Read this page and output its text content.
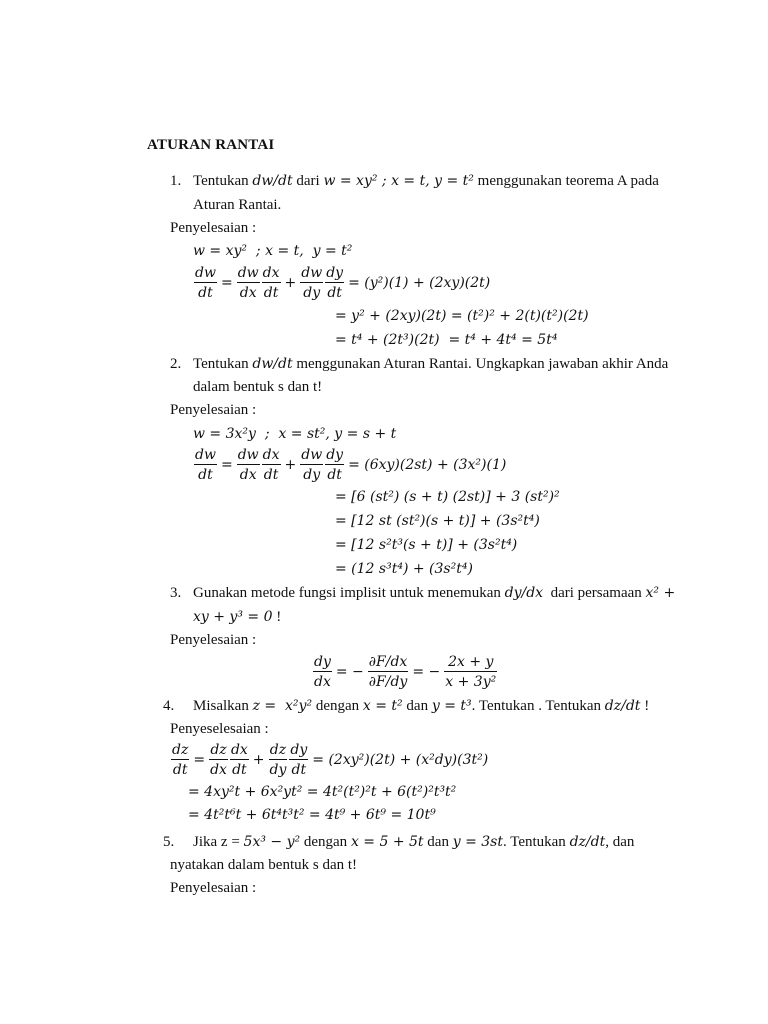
ATURAN RANTAI
1. Tentukan dw/dt dari w = xy² ; x = t, y = t² menggunakan teorema A pada
Aturan Rantai.
Penyelesaian :
w = xy²  ; x = t,  y = t²
$\frac{dw}{dt} = \frac{dw}{dx} \frac{dx}{dt} + \frac{dw}{dy} \frac{dy}{dt} = (y^2)(1) + (2xy)(2t)$
= y² + (2xy)(2t) = (t²)² + 2(t)(t²)(2t)
= t⁴ + (2t³)(2t)  = t⁴ + 4t⁴ = 5t⁴
2. Tentukan dw/dt menggunakan Aturan Rantai. Ungkapkan jawaban akhir Anda
dalam bentuk s dan t!
Penyelesaian :
w = 3x²y  ;  x = st², y = s + t
$\frac{dw}{dt} = \frac{dw}{dx} \frac{dx}{dt} + \frac{dw}{dy} \frac{dy}{dt} = (6xy)(2st) + (3x^2)(1)$
= [6 (st²) (s + t) (2st)] + 3 (st²)²
= [12 st (st²)(s + t)] + (3s²t⁴)
= [12 s²t³(s + t)] + (3s²t⁴)
= (12 s³t⁴) + (3s²t⁴)
3. Gunakan metode fungsi implisit untuk menemukan dy/dx dari persamaan x² +
xy + y³ = 0 !
Penyelesaian :
$\frac{dy}{dx}$ = − $\frac{\partial F/dx}{\partial F/dy}$ = − $\frac{2x + y}{\text{x + 3y²}}$
4. Misalkan z =  x²y² dengan x = t² dan y = t³ . Tentukan . Tentukan dz/dt !
Penyeselesaian :
$\frac{dz}{dt} = \frac{dz}{dx} \frac{dx}{dt} + \frac{dz}{dy} \frac{dy}{dt} = (2xy^2)(2t) + (x^2dy)(3t^2)$
= 4xy²t + 6x²yt² = 4t²(t²)²t + 6(t²)²t³t²
= 4t²t⁶t + 6t⁴t³t² = 4t⁹ + 6t⁹ = 10t⁹
5. Jika z = 5x³ − y² dengan x = 5 + 5t dan y = 3st . Tentukan dz/dt , dan
nyatakan dalam bentuk s dan t!
Penyelesaian :
